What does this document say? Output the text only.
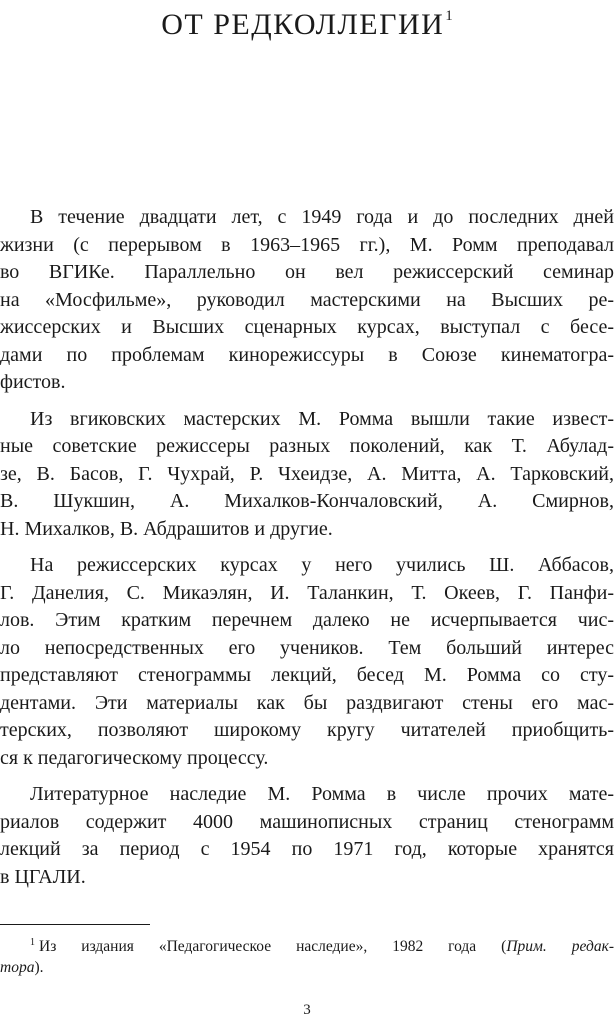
ОТ РЕДКОЛЛЕГИИ$^1$

В течение двадцати лет, с 1949 года и до последних дней
жизни (с перерывом в 1963–1965 гг.), М. Ромм преподавал
во ВГИКе. Параллельно он вел режиссерский семинар
на «Мосфильме», руководил мастерскими на Высших ре-
жиссерских и Высших сценарных курсах, выступал с бесе-
дами по проблемам кинорежиссуры в Союзе кинематогра-
фистов.

Из вгиковских мастерских М. Ромма вышли такие извест-
ные советские режиссеры разных поколений, как Т. Абулад-
зе, В. Басов, Г. Чухрай, Р. Чхеидзе, А. Митта, А. Тарковский,
В. Шукшин, А. Михалков-Кончаловский, А. Смирнов,
Н. Михалков, В. Абдрашитов и другие.

На режиссерских курсах у него учились Ш. Аббасов,
Г. Данелия, С. Микаэлян, И. Таланкин, Т. Океев, Г. Панфи-
лов. Этим кратким перечнем далеко не исчерпывается чис-
ло непосредственных его учеников. Тем больший интерес
представляют стенограммы лекций, бесед М. Ромма со сту-
дентами. Эти материалы как бы раздвигают стены его мас-
терских, позволяют широкому кругу читателей приобщить-
ся к педагогическому процессу.

Литературное наследие М. Ромма в числе прочих мате-
риалов содержит 4000 машинописных страниц стенограмм
лекций за период с 1954 по 1971 год, которые хранятся
в ЦГАЛИ.

$^1$ Из издания «Педагогическое наследие», 1982 года (Прим. редак-
тора).
3
